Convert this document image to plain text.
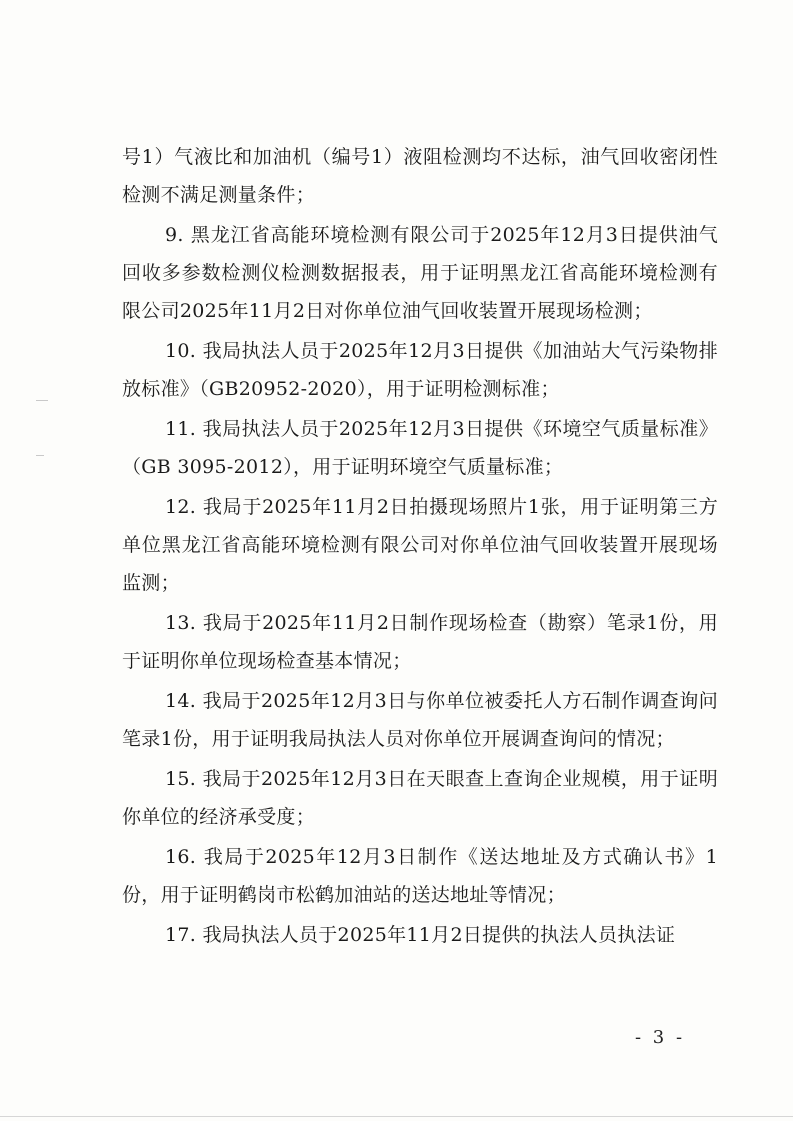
号1）气液比和加油机（编号1）液阻检测均不达标，油气回收密闭性检测不满足测量条件；

9. 黑龙江省高能环境检测有限公司于2025年12月3日提供油气回收多参数检测仪检测数据报表，用于证明黑龙江省高能环境检测有限公司2025年11月2日对你单位油气回收装置开展现场检测；

10. 我局执法人员于2025年12月3日提供《加油站大气污染物排放标准》（GB20952-2020），用于证明检测标准；

11. 我局执法人员于2025年12月3日提供《环境空气质量标准》（GB 3095-2012），用于证明环境空气质量标准；

12. 我局于2025年11月2日拍摄现场照片1张，用于证明第三方单位黑龙江省高能环境检测有限公司对你单位油气回收装置开展现场监测；

13. 我局于2025年11月2日制作现场检查（勘察）笔录1份，用于证明你单位现场检查基本情况；

14. 我局于2025年12月3日与你单位被委托人方石制作调查询问笔录1份，用于证明我局执法人员对你单位开展调查询问的情况；

15. 我局于2025年12月3日在天眼查上查询企业规模，用于证明你单位的经济承受度；

16. 我局于2025年12月3日制作《送达地址及方式确认书》1份，用于证明鹤岗市松鹤加油站的送达地址等情况；

17. 我局执法人员于2025年11月2日提供的执法人员执法证

- 3 -
